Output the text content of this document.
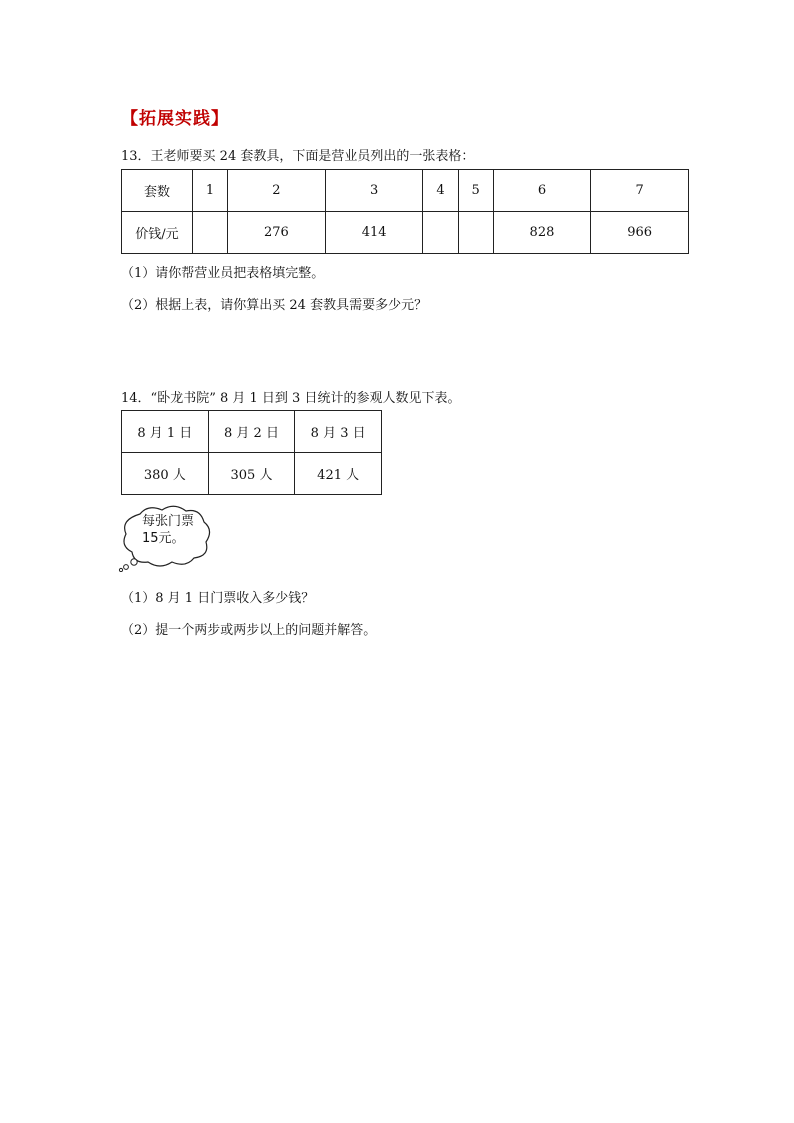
【拓展实践】
13．王老师要买 24 套教具，下面是营业员列出的一张表格：
套数	1	2	3	4	5	6	7
价钱/元		276	414			828	966
（1）请你帮营业员把表格填完整。
（2）根据上表，请你算出买 24 套教具需要多少元？
14．“卧龙书院” 8 月 1 日到 3 日统计的参观人数见下表。
8 月 1 日	8 月 2 日	8 月 3 日
380 人	305 人	421 人
每张门票
15元。
（1）8 月 1 日门票收入多少钱？
（2）提一个两步或两步以上的问题并解答。
